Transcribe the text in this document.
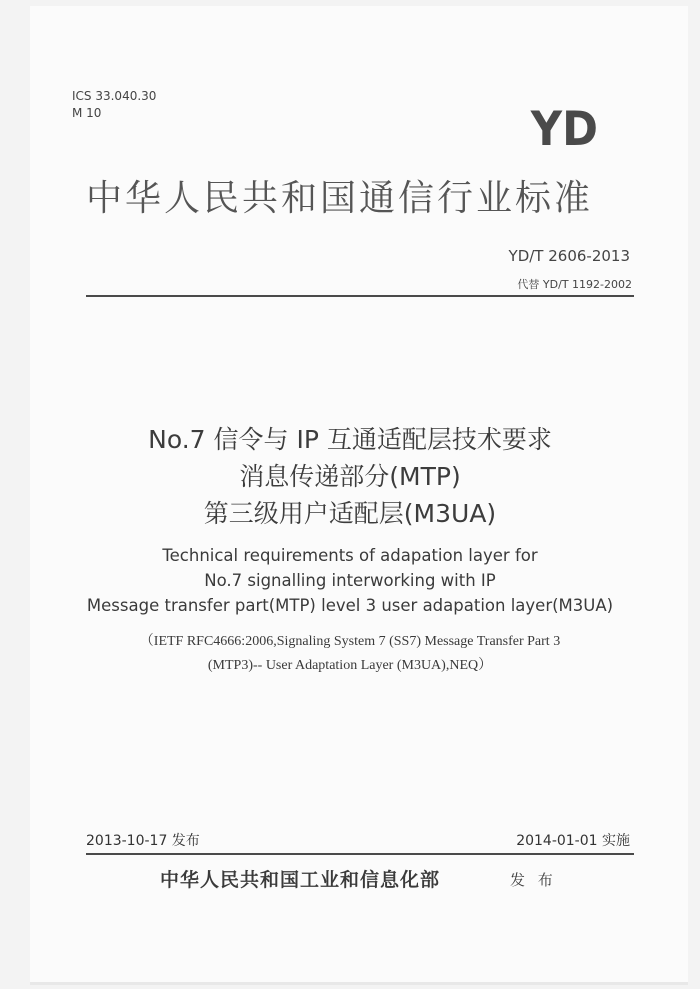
ICS 33.040.30
M 10	YD
中华人民共和国通信行业标准
YD/T 2606-2013
代替 YD/T 1192-2002
No.7 信令与 IP 互通适配层技术要求
消息传递部分(MTP)
第三级用户适配层(M3UA)
Technical requirements of adapation layer for
No.7 signalling interworking with IP
Message transfer part(MTP) level 3 user adapation layer(M3UA)
（IETF RFC4666:2006,Signaling System 7 (SS7) Message Transfer Part 3
(MTP3)-- User Adaptation Layer (M3UA),NEQ）
2013-10-17 发布	2014-01-01 实施
中华人民共和国工业和信息化部	发 布
